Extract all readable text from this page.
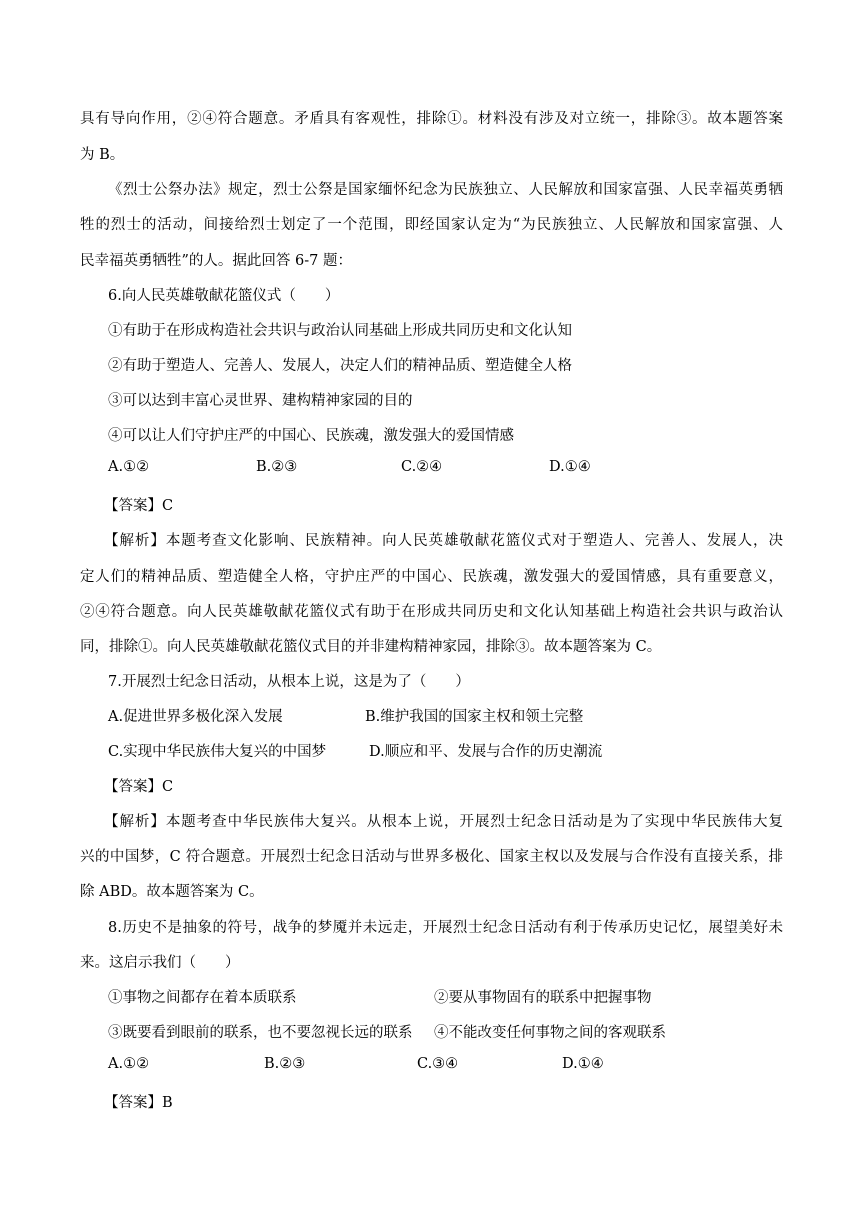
具有导向作用，②④符合题意。矛盾具有客观性，排除①。材料没有涉及对立统一，排除③。故本题答案
为 B。
《烈士公祭办法》规定，烈士公祭是国家缅怀纪念为民族独立、人民解放和国家富强、人民幸福英勇牺
牲的烈士的活动，间接给烈士划定了一个范围，即经国家认定为“为民族独立、人民解放和国家富强、人
民幸福英勇牺牲”的人。据此回答 6-7 题：
6.向人民英雄敬献花篮仪式（　　）
①有助于在形成构造社会共识与政治认同基础上形成共同历史和文化认知
②有助于塑造人、完善人、发展人，决定人们的精神品质、塑造健全人格
③可以达到丰富心灵世界、建构精神家园的目的
④可以让人们守护庄严的中国心、民族魂，激发强大的爱国情感
A.①②	B.②③	C.②④	D.①④
【答案】C
【解析】本题考查文化影响、民族精神。向人民英雄敬献花篮仪式对于塑造人、完善人、发展人，决
定人们的精神品质、塑造健全人格，守护庄严的中国心、民族魂，激发强大的爱国情感，具有重要意义，
②④符合题意。向人民英雄敬献花篮仪式有助于在形成共同历史和文化认知基础上构造社会共识与政治认
同，排除①。向人民英雄敬献花篮仪式目的并非建构精神家园，排除③。故本题答案为 C。
7.开展烈士纪念日活动，从根本上说，这是为了（　　）
A.促进世界多极化深入发展	B.维护我国的国家主权和领土完整
C.实现中华民族伟大复兴的中国梦	D.顺应和平、发展与合作的历史潮流
【答案】C
【解析】本题考查中华民族伟大复兴。从根本上说，开展烈士纪念日活动是为了实现中华民族伟大复
兴的中国梦，C 符合题意。开展烈士纪念日活动与世界多极化、国家主权以及发展与合作没有直接关系，排
除 ABD。故本题答案为 C。
8.历史不是抽象的符号，战争的梦魇并未远走，开展烈士纪念日活动有利于传承历史记忆，展望美好未
来。这启示我们（　　）
①事物之间都存在着本质联系	②要从事物固有的联系中把握事物
③既要看到眼前的联系，也不要忽视长远的联系 ④不能改变任何事物之间的客观联系
A.①②	B.②③	C.③④	D.①④
【答案】B
